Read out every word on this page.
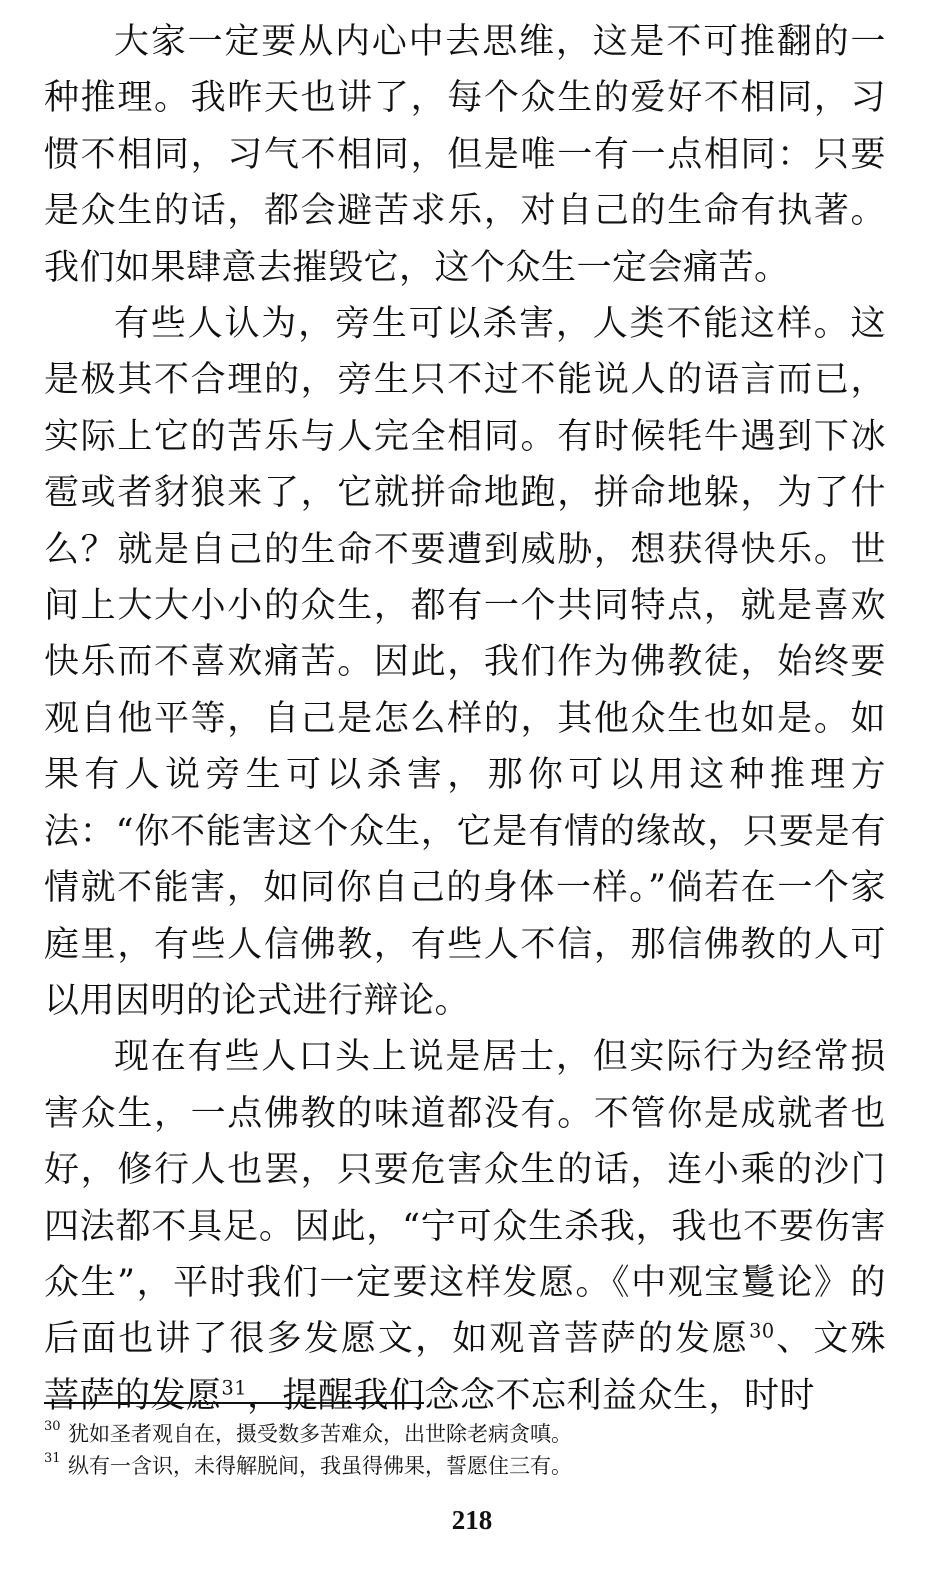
大家一定要从内心中去思维，这是不可推翻的一种推理。我昨天也讲了，每个众生的爱好不相同，习惯不相同，习气不相同，但是唯一有一点相同：只要是众生的话，都会避苦求乐，对自己的生命有执著。我们如果肆意去摧毁它，这个众生一定会痛苦。

有些人认为，旁生可以杀害，人类不能这样。这是极其不合理的，旁生只不过不能说人的语言而已，实际上它的苦乐与人完全相同。有时候牦牛遇到下冰雹或者豺狼来了，它就拼命地跑，拼命地躲，为了什么？就是自己的生命不要遭到威胁，想获得快乐。世间上大大小小的众生，都有一个共同特点，就是喜欢快乐而不喜欢痛苦。因此，我们作为佛教徒，始终要观自他平等，自己是怎么样的，其他众生也如是。如果有人说旁生可以杀害，那你可以用这种推理方法：“你不能害这个众生，它是有情的缘故，只要是有情就不能害，如同你自己的身体一样。”倘若在一个家庭里，有些人信佛教，有些人不信，那信佛教的人可以用因明的论式进行辩论。

现在有些人口头上说是居士，但实际行为经常损害众生，一点佛教的味道都没有。不管你是成就者也好，修行人也罢，只要危害众生的话，连小乘的沙门四法都不具足。因此，“宁可众生杀我，我也不要伤害众生”，平时我们一定要这样发愿。《中观宝鬘论》的后面也讲了很多发愿文，如观音菩萨的发愿$^{30}$、文殊菩萨的发愿$^{31}$，提醒我们念念不忘利益众生，时时

30 犹如圣者观自在，摄受数多苦难众，出世除老病贪嗔。

31 纵有一含识，未得解脱间，我虽得佛果，誓愿住三有。

218
